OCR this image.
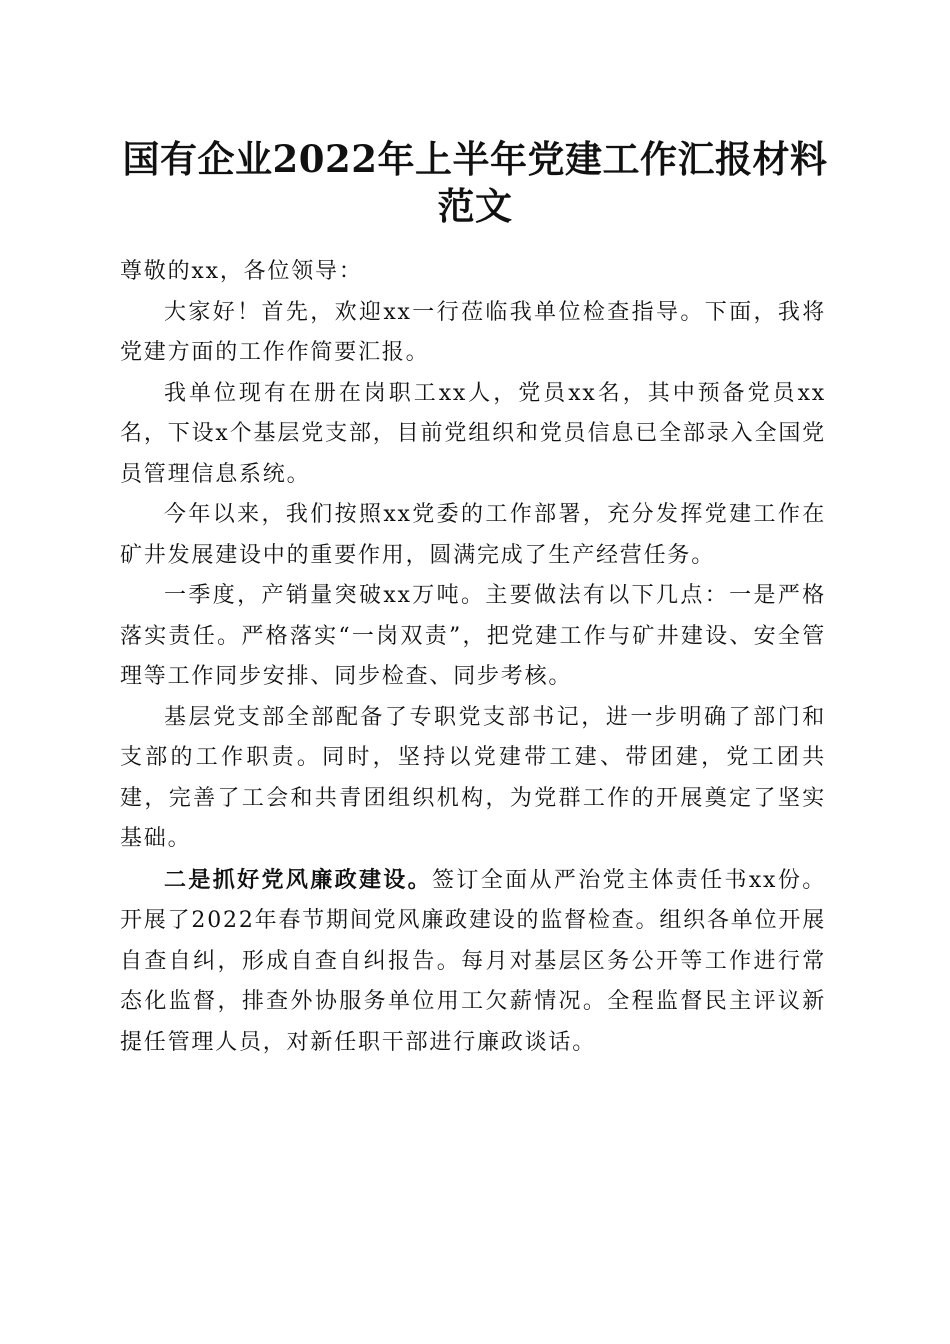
国有企业2022年上半年党建工作汇报材料范文

尊敬的xx，各位领导：

大家好！首先，欢迎xx一行莅临我单位检查指导。下面，我将党建方面的工作作简要汇报。

我单位现有在册在岗职工xx人，党员xx名，其中预备党员xx名，下设x个基层党支部，目前党组织和党员信息已全部录入全国党员管理信息系统。

今年以来，我们按照xx党委的工作部署，充分发挥党建工作在矿井发展建设中的重要作用，圆满完成了生产经营任务。

一季度，产销量突破xx万吨。主要做法有以下几点：一是严格落实责任。严格落实“一岗双责”，把党建工作与矿井建设、安全管理等工作同步安排、同步检查、同步考核。

基层党支部全部配备了专职党支部书记，进一步明确了部门和支部的工作职责。同时，坚持以党建带工建、带团建，党工团共建，完善了工会和共青团组织机构，为党群工作的开展奠定了坚实基础。

二是抓好党风廉政建设。签订全面从严治党主体责任书xx份。开展了2022年春节期间党风廉政建设的监督检查。组织各单位开展自查自纠，形成自查自纠报告。每月对基层区务公开等工作进行常态化监督，排查外协服务单位用工欠薪情况。全程监督民主评议新提任管理人员，对新任职干部进行廉政谈话。
